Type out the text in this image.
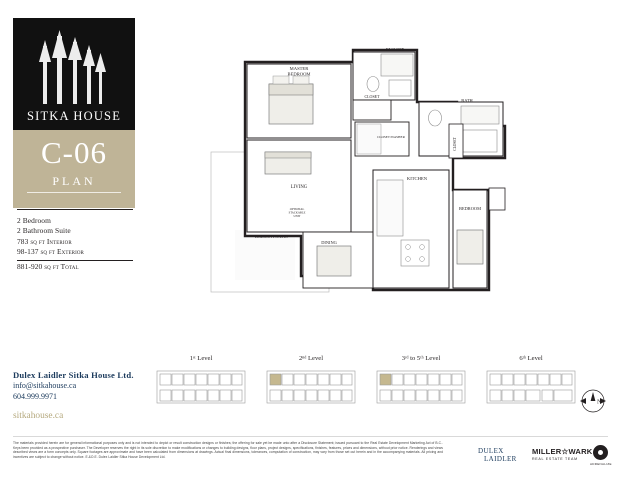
SITKA HOUSE
C-06
PLAN
2 Bedroom
2 Bathroom Suite
783 sq ft Interior
98-137 sq ft Exterior
881-920 sq ft Total
Dulex Laidler Sitka House Ltd.
info@sitkahouse.ca
604.999.9971
sitkahouse.ca
MASTER
BEDROOM
ENSUITE
CLOSET
BATH
CLOSET
LIVING
CLOSET/WASHER
DINING
KITCHEN
BEDROOM
OPTIONAL
STACKABLE
UNIT
BALCONY/PATIO
1ˢᵗ Level	2ⁿᵈ Level	3ʳᵈ to 5ᵗʰ Level	6ᵗʰ Level
N
The materials provided herein are for general informational purposes only and is not intended to depict or result construction designs or finishes; the offering for sale yet be made unto after a Disclosure Statement; issued pursuant to the Real Estate Development Marketing Act of B.C.. Keys been provided as a prospective purchaser. The Developer reserves the right in its sole discretion to make modifications or changes to building designs, floor plans, project designs, specifications, finishes, features, prices and dimensions, without prior notice. Renderings and views described views are a form concepts only. Square footages are approximate and have been calculated from dimensions at drawings. Actual final dimensions, tolerances, computation of construction, may vary from those set out herein and in the accompanying materials. All pricing and incentives are subject to change without notice. E.&O.E. Dulex Laidler Sitka House Development Ltd.
DULEX
LAIDLER
MILLER☆WARK
REAL ESTATE TEAM
ADRENALIZE
